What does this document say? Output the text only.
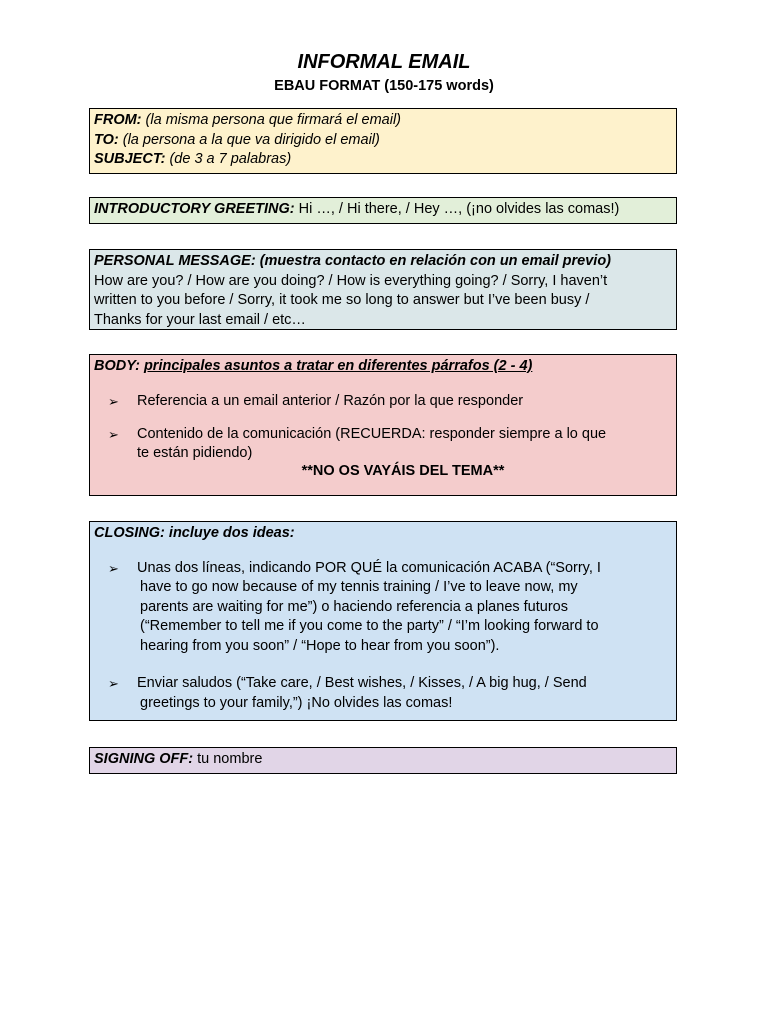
INFORMAL EMAIL
EBAU FORMAT (150-175 words)
FROM: (la misma persona que firmará el email)
TO: (la persona a la que va dirigido el email)
SUBJECT: (de 3 a 7 palabras)
INTRODUCTORY GREETING: Hi …, / Hi there, / Hey …, (¡no olvides las comas!)
PERSONAL MESSAGE: (muestra contacto en relación con un email previo)
How are you? / How are you doing? / How is everything going? / Sorry, I haven’t
written to you before / Sorry, it took me so long to answer but I’ve been busy /
Thanks for your last email / etc…
BODY: principales asuntos a tratar en diferentes párrafos (2 - 4)
➢ Referencia a un email anterior / Razón por la que responder
➢ Contenido de la comunicación (RECUERDA: responder siempre a lo que
te están pidiendo)
**NO OS VAYÁIS DEL TEMA**
CLOSING: incluye dos ideas:
➢ Unas dos líneas, indicando POR QUÉ la comunicación ACABA (“Sorry, I
have to go now because of my tennis training / I’ve to leave now, my
parents are waiting for me”) o haciendo referencia a planes futuros
(“Remember to tell me if you come to the party” / “I’m looking forward to
hearing from you soon” / “Hope to hear from you soon”).
➢ Enviar saludos (“Take care, / Best wishes, / Kisses, / A big hug, / Send
greetings to your family,”) ¡No olvides las comas!
SIGNING OFF: tu nombre
